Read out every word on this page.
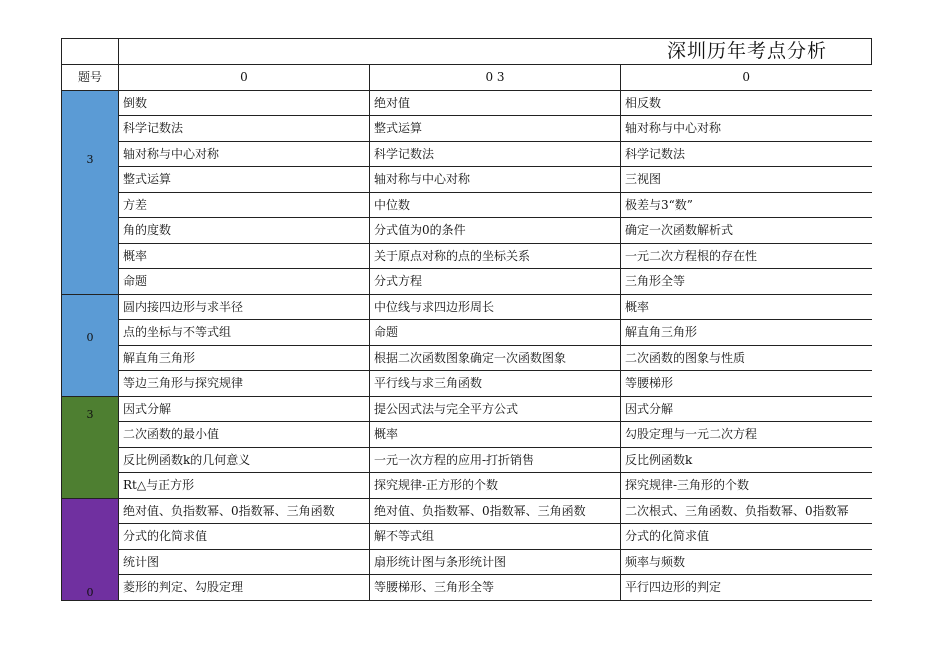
	深圳历年考点分析		
题号	0	0 3	0
	倒数	绝对值	相反数
	科学记数法	整式运算	轴对称与中心对称
3	轴对称与中心对称	科学记数法	科学记数法
	整式运算	轴对称与中心对称	三视图
	方差	中位数	极差与3“数”
	角的度数	分式值为0的条件	确定一次函数解析式
	概率	关于原点对称的点的坐标关系	一元二次方程根的存在性
	命题	分式方程	三角形全等
	圆内接四边形与求半径	中位线与求四边形周长	概率
0	点的坐标与不等式组	命题	解直角三角形
	解直角三角形	根据二次函数图象确定一次函数图象	二次函数的图象与性质
	等边三角形与探究规律	平行线与求三角函数	等腰梯形
3	因式分解	提公因式法与完全平方公式	因式分解
	二次函数的最小值	概率	勾股定理与一元二次方程
	反比例函数k的几何意义	一元一次方程的应用-打折销售	反比例函数k
	Rt△与正方形	探究规律-正方形的个数	探究规律-三角形的个数
	绝对值、负指数幂、0指数幂、三角函数	绝对值、负指数幂、0指数幂、三角函数	二次根式、三角函数、负指数幂、0指数幂
	分式的化简求值	解不等式组	分式的化简求值
	统计图	扇形统计图与条形统计图	频率与频数
0	菱形的判定、勾股定理	等腰梯形、三角形全等	平行四边形的判定
